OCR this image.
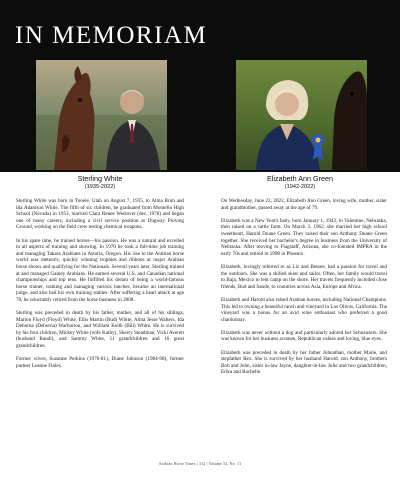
IN MEMORIAM
Sterling White
(1935-2022)
Elizabeth Ann Green
(1942-2022)

Sterling White was born in Tooele, Utah on August 7, 1935, to Alma Bruh and Ida Adamson White. The fifth of six children, he graduated from Montello High School (Nevada) in 1953, married Clara Renee Westover (dec. 1978) and began one of many careers, including a civil service position at Dugway Proving Ground, working on the field crew testing chemical weapons.

In his spare time, he trained horses—his passion. He was a natural and excelled in all aspects of training and showing. In 1970 he took a full-time job training and managing Takara Arabians in Astoria, Oregon. His rise in the Arabian horse world was meteoric, quickly winning trophies and ribbons at major Arabian horse shows and qualifying for the Nationals. Several years later, Sterling trained at and managed Gainey Arabians. He earned several U.S. and Canadian national championships and top tens. He fulfilled his dream of being a world-famous horse trainer, training and managing various ranches, became an international judge, and also had his own training stables. After suffering a heart attack at age 70, he reluctantly retired from the horse business in 2008.

Sterling was preceded in death by his father, mother, and all of his siblings, Marion Floyd (Floyd) White, Ellis Martin (Bud) White, Alma Jesse Walters, Ida Deborna (Deborna) Warburton, and William Keith (Bill) White. He is survived by his four children, Mickey White (wife Kathy), Sherry Steadman, Vicki Averett (husband Randi), and Sammy White, 11 grandchildren and 16 great grandchildren.

Former wives, Suzanne Perkins (1976-81), Diane Johnson (1984-98), former partner Leanne Finley.

On Wednesday, June 22, 2022, Elizabeth Ann Green, loving wife, mother, sister and grandmother, passed away at the age of 79.

Elizabeth was a New Year's baby, born January 1, 1943, in Valentine, Nebraska, then raised on a cattle farm. On March 3, 1962, she married her high school sweetheart, Harold Duane Green. They raised their son Anthony Duane Green together. She received her bachelor's degree in business from the University of Nebraska. After moving to Flagstaff, Arizona, she co-founded IMPRA in the early 70s and retired in 1998 in Phoenix.

Elizabeth, lovingly referred to as Liz and Bessee, had a passion for travel and the outdoors. She was a skilled skier and sailor. Often, her family would travel to Baja, Mexico to tent camp on the shore. Her travels frequently included close friends, Bud and Sande, to countries across Asia, Europe and Africa.

Elizabeth and Harold also raised Arabian horses, including National Champions. This led to owning a beautiful ranch and vineyard in Los Olivos, California. The vineyard was a bonus for an avid wine enthusiast who preferred a good chardonnay.

Elizabeth was never without a dog and particularly adored her Schnauzers. She was known for her business acumen, Republican values and loving, blue eyes.

Elizabeth was preceded in death by her father Johnathan, mother Marie, and stepfather Rex. She is survived by her husband Harold, son Anthony, brothers Bob and John, sister in-law Jayne, daughter-in-law Julie and two grandchildren, Erika and Rachelle.

Arabian Horse Times | 312 | Volume 52, No. 11
